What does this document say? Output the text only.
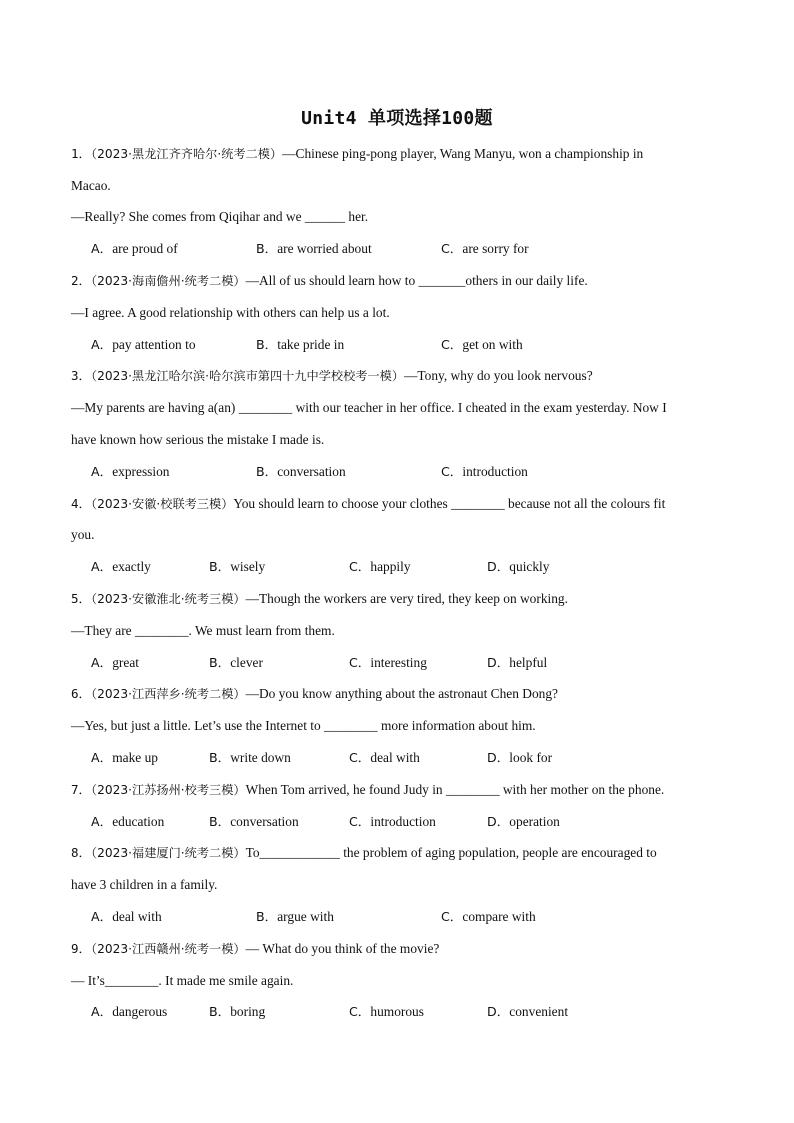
Unit4 单项选择100题
1．（2023·黑龙江齐齐哈尔·统考二模）—Chinese ping-pong player, Wang Manyu, won a championship in
Macao.
—Really? She comes from Qiqihar and we ______ her.
A．are proud of	B．are worried about	C．are sorry for
2．（2023·海南儋州·统考二模）—All of us should learn how to _______others in our daily life.
—I agree. A good relationship with others can help us a lot.
A．pay attention to	B．take pride in	C．get on with
3．（2023·黑龙江哈尔滨·哈尔滨市第四十九中学校校考一模）—Tony, why do you look nervous?
—My parents are having a(an) ________ with our teacher in her office. I cheated in the exam yesterday. Now I
have known how serious the mistake I made is.
A．expression	B．conversation	C．introduction
4．（2023·安徽·校联考三模）You should learn to choose your clothes ________ because not all the colours fit
you.
A．exactly	B．wisely	C．happily	D．quickly
5．（2023·安徽淮北·统考三模）—Though the workers are very tired, they keep on working.
—They are ________. We must learn from them.
A．great	B．clever	C．interesting	D．helpful
6．（2023·江西萍乡·统考二模）—Do you know anything about the astronaut Chen Dong?
—Yes, but just a little. Let’s use the Internet to ________ more information about him.
A．make up	B．write down	C．deal with	D．look for
7．（2023·江苏扬州·校考三模）When Tom arrived, he found Judy in ________ with her mother on the phone.
A．education	B．conversation	C．introduction	D．operation
8．（2023·福建厦门·统考二模）To____________ the problem of aging population, people are encouraged to
have 3 children in a family.
A．deal with	B．argue with	C．compare with
9．（2023·江西赣州·统考一模）— What do you think of the movie?
— It’s________. It made me smile again.
A．dangerous	B．boring	C．humorous	D．convenient
